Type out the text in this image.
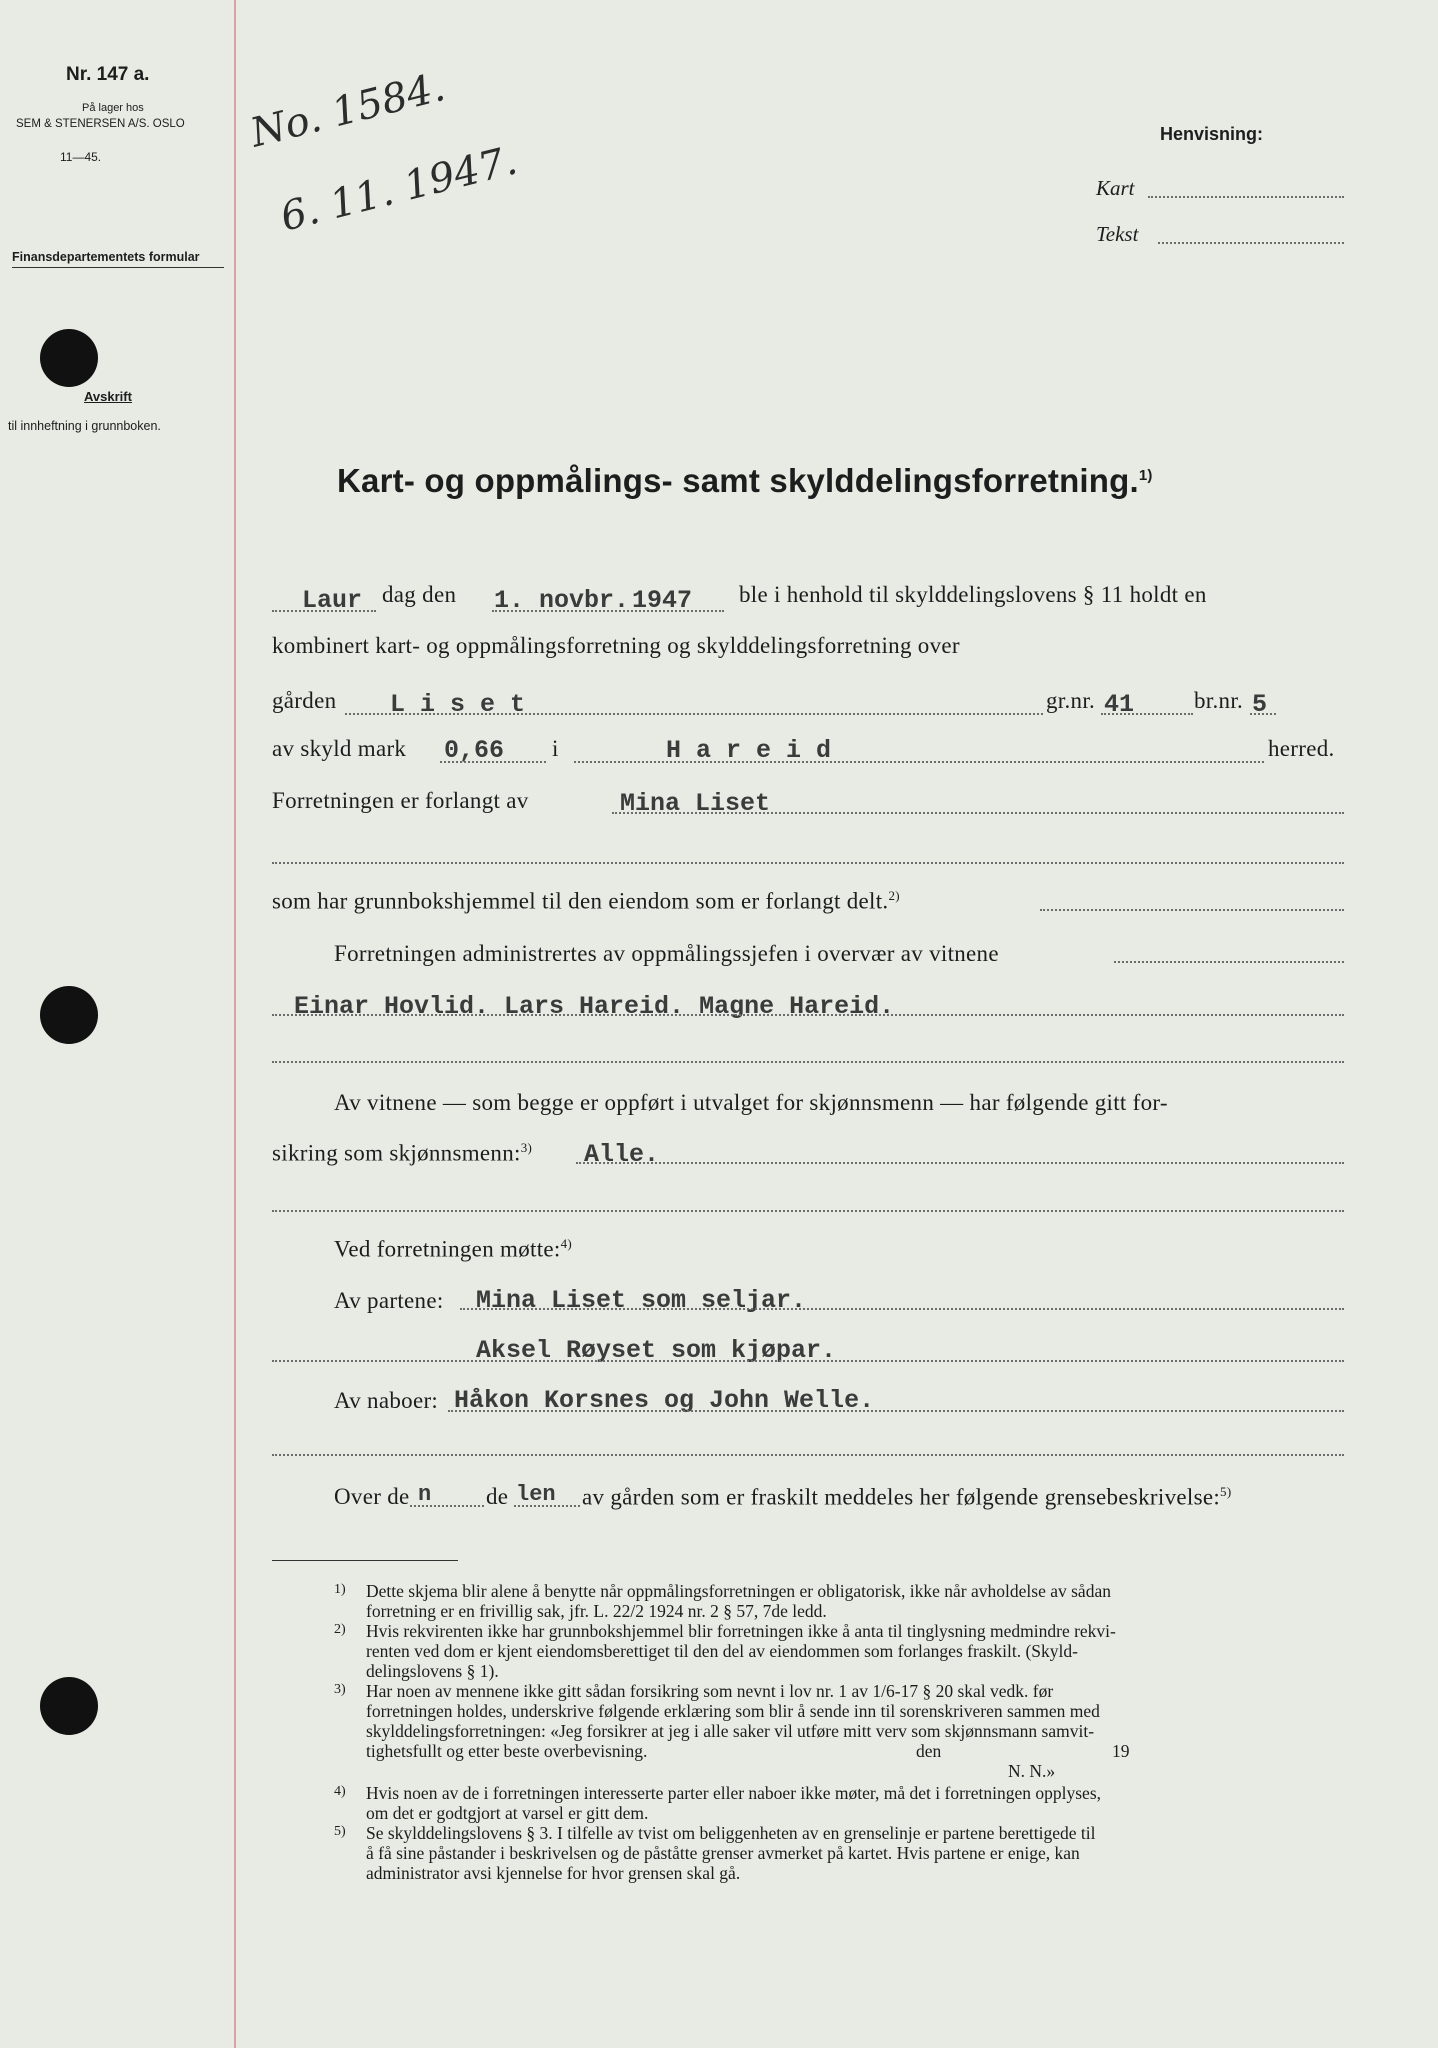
Nr. 147 a.
På lager hos
SEM & STENERSEN A/S. OSLO
11—45.
Finansdepartementets formular
Avskrift
til innheftning i grunnboken.
No. 1584.
6. 11. 1947.
Henvisning:
Kart
Tekst
Kart- og oppmålings- samt skylddelingsforretning.$^{1)}$
Laur dag den 1. novbr. 1947 ble i henhold til skylddelingslovens § 11 holdt en
kombinert kart- og oppmålingsforretning og skylddelingsforretning over
gården L i s e t	gr.nr. 41	br.nr. 5
av skyld mark 0,66 i	H a r e i d	herred.
Forretningen er forlangt av	Mina Liset
som har grunnbokshjemmel til den eiendom som er forlangt delt.$^{2)}$
Forretningen administrertes av oppmålingssjefen i overvær av vitnene
Einar Hovlid. Lars Hareid. Magne Hareid.
Av vitnene — som begge er oppført i utvalget for skjønnsmenn — har følgende gitt for-
sikring som skjønnsmenn:$^{3)}$ Alle.
Ved forretningen møtte:$^{4)}$
Av partene: Mina Liset som seljar.
Aksel Røyset som kjøpar.
Av naboer: Håkon Korsnes og John Welle.
Over de n de len av gården som er fraskilt meddeles her følgende grensebeskrivelse:$^{5)}$
1) Dette skjema blir alene å benytte når oppmålingsforretningen er obligatorisk, ikke når avholdelse av sådan
forretning er en frivillig sak, jfr. L. 22/2 1924 nr. 2 § 57, 7de ledd.
2) Hvis rekvirenten ikke har grunnbokshjemmel blir forretningen ikke å anta til tinglysning medmindre rekvi-
renten ved dom er kjent eiendomsberettiget til den del av eiendommen som forlanges fraskilt. (Skyld-
delingslovens § 1).
3) Har noen av mennene ikke gitt sådan forsikring som nevnt i lov nr. 1 av 1/6-17 § 20 skal vedk. før
forretningen holdes, underskrive følgende erklæring som blir å sende inn til sorenskriveren sammen med
skylddelingsforretningen: «Jeg forsikrer at jeg i alle saker vil utføre mitt verv som skjønnsmann samvit-
tighetsfullt og etter beste overbevisning.	den	19
N. N.»
4) Hvis noen av de i forretningen interesserte parter eller naboer ikke møter, må det i forretningen opplyses,
om det er godtgjort at varsel er gitt dem.
5) Se skylddelingslovens § 3. I tilfelle av tvist om beliggenheten av en grenselinje er partene berettigede til
å få sine påstander i beskrivelsen og de påståtte grenser avmerket på kartet. Hvis partene er enige, kan
administrator avsi kjennelse for hvor grensen skal gå.
